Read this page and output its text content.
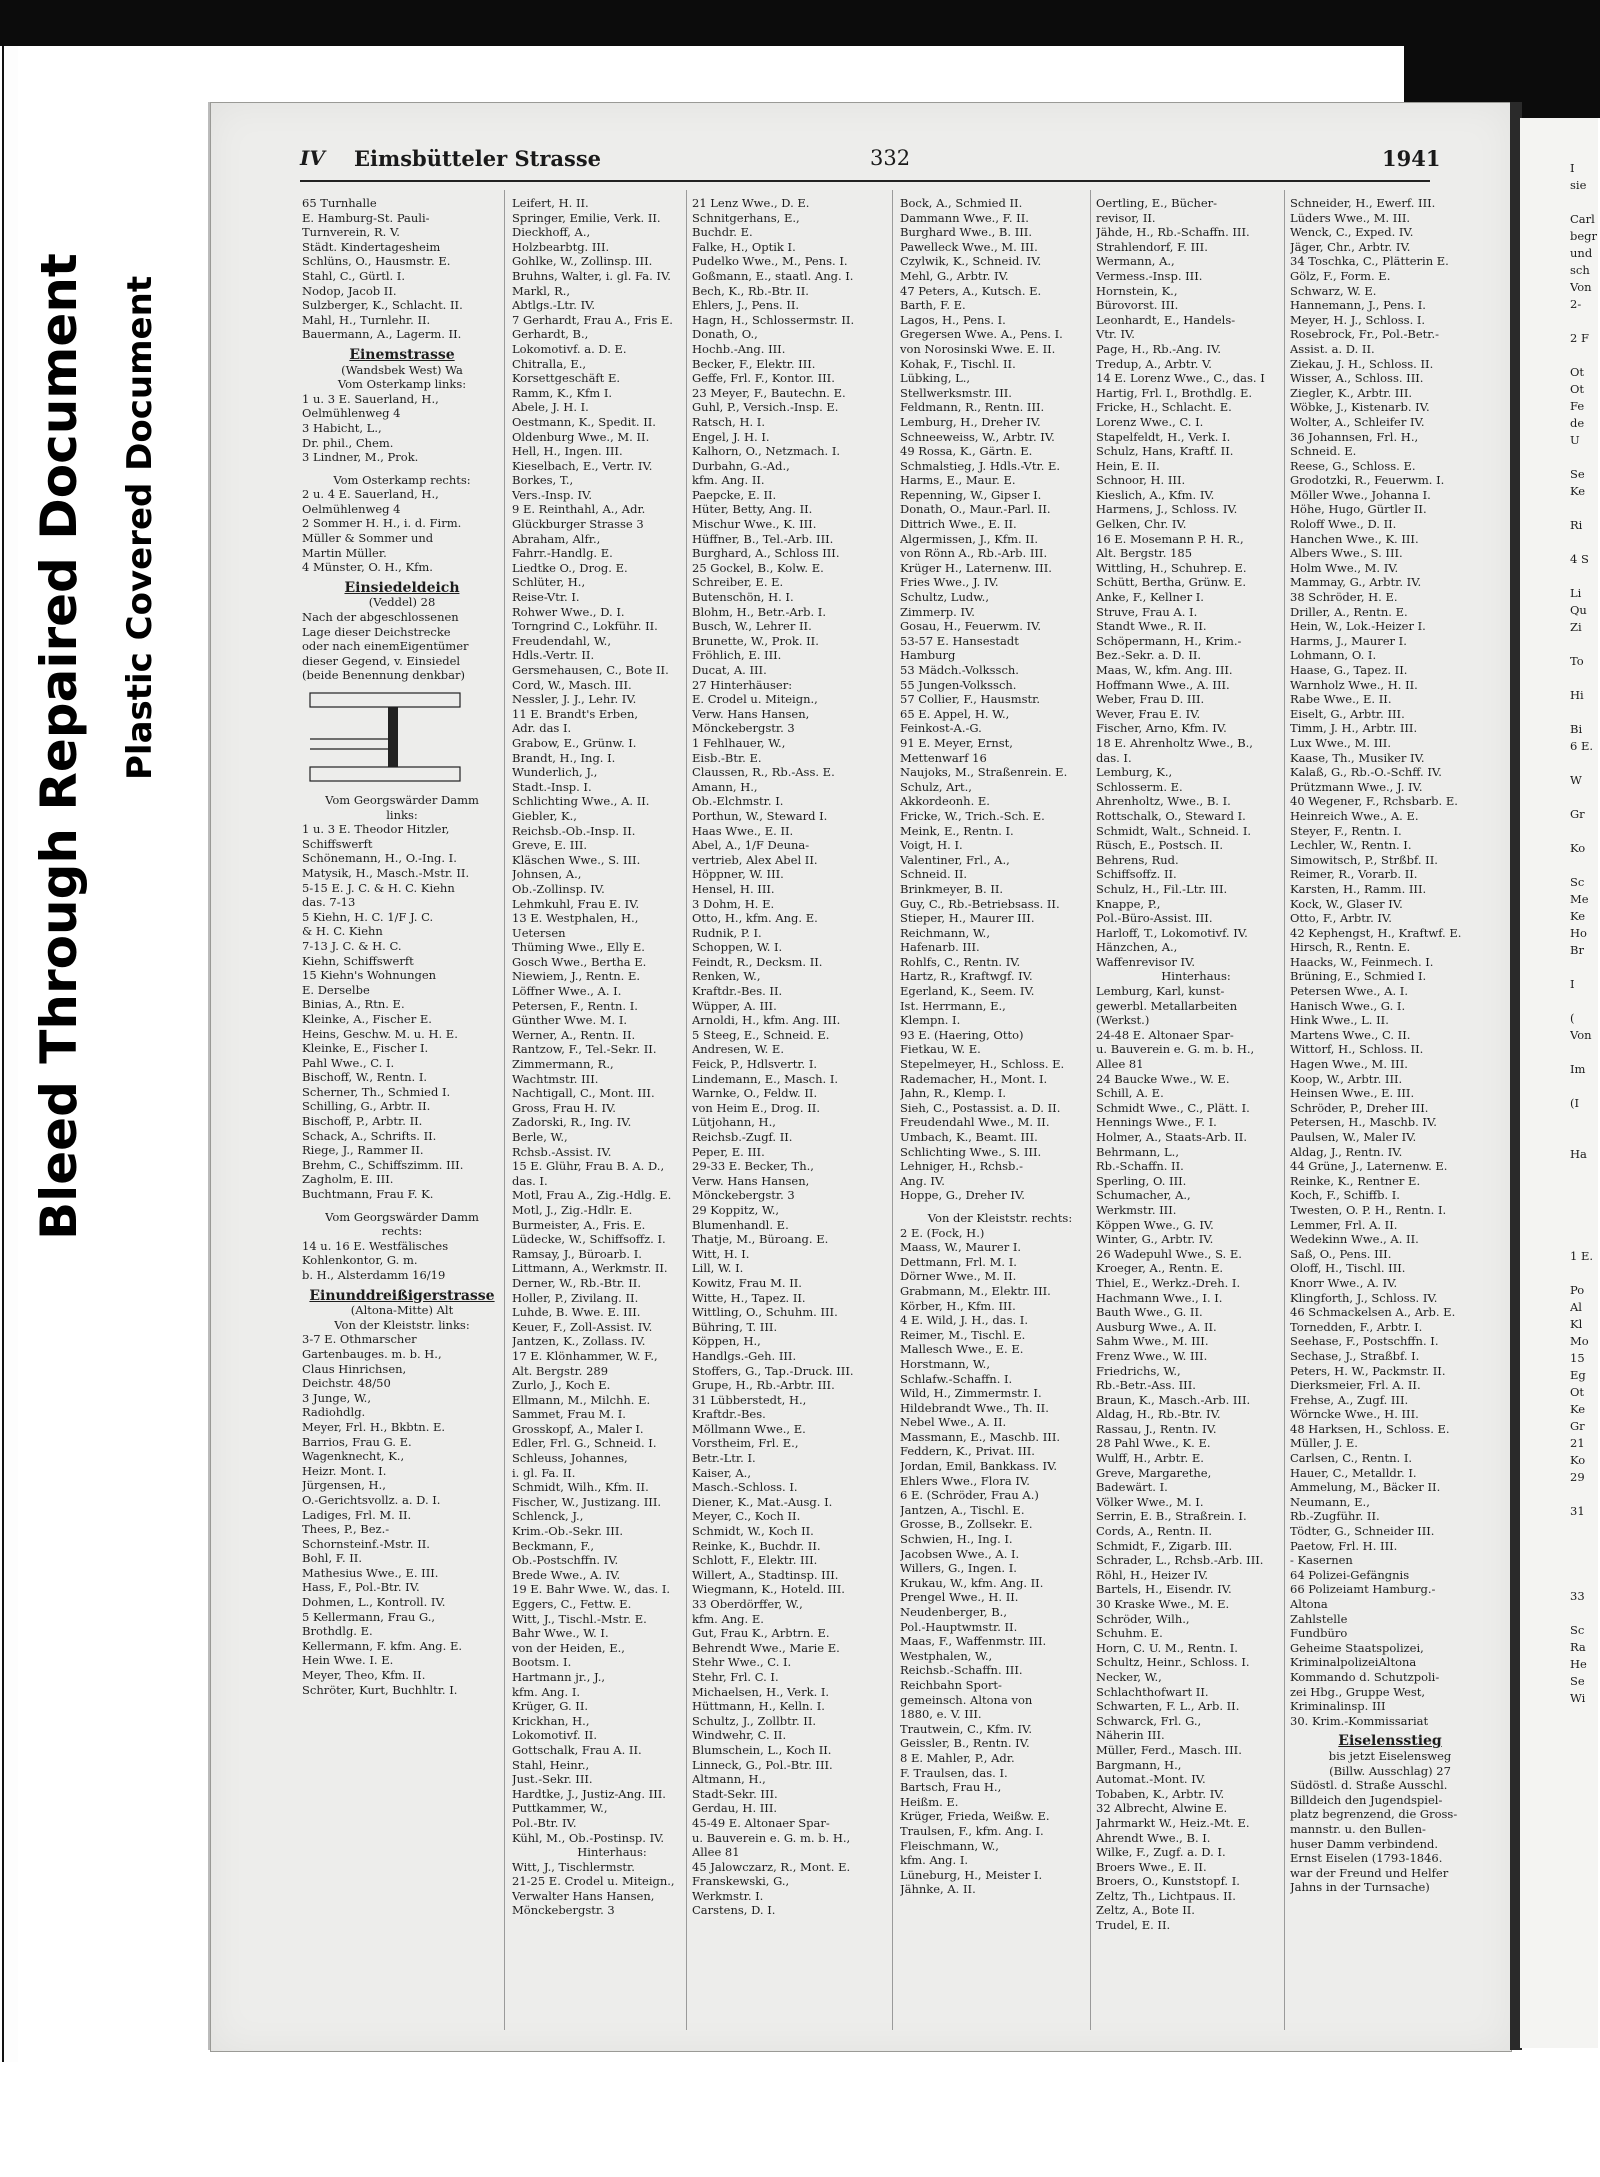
Bleed Through Repaired Document Plastic Covered Document
IV Eimsbütteler Strasse	332	1941
65 Turnhalle
E. Hamburg-St. Pauli-
Turnverein, R. V.
Städt. Kindertagesheim
Schlüns, O., Hausmstr. E.
Stahl, C., Gürtl. I.
Nodop, Jacob II.
Sulzberger, K., Schlacht. II.
Mahl, H., Turnlehr. II.
Bauermann, A., Lagerm. II.
Einemstrasse
(Wandsbek West) Wa
Vom Osterkamp links:
1 u. 3 E. Sauerland, H.,
Oelmühlenweg 4
3 Habicht, L.,
Dr. phil., Chem.
3 Lindner, M., Prok.
Vom Osterkamp rechts:
2 u. 4 E. Sauerland, H.,
Oelmühlenweg 4
2 Sommer H. H., i. d. Firm.
Müller & Sommer und
Martin Müller.
4 Münster, O. H., Kfm.
Einsiedeldeich
(Veddel) 28
Nach der abgeschlossenen
Lage dieser Deichstrecke
oder nach einemEigentümer
dieser Gegend, v. Einsiedel
(beide Benennung denkbar)
Vom Georgswärder Damm
links:
1 u. 3 E. Theodor Hitzler,
Schiffswerft
Schönemann, H., O.-Ing. I.
Matysik, H., Masch.-Mstr. II.
5-15 E. J. C. & H. C. Kiehn
das. 7-13
5 Kiehn, H. C. 1/F J. C.
& H. C. Kiehn
7-13 J. C. & H. C.
Kiehn, Schiffswerft
15 Kiehn's Wohnungen
E. Derselbe
Binias, A., Rtn. E.
Kleinke, A., Fischer E.
Heins, Geschw. M. u. H. E.
Kleinke, E., Fischer I.
Pahl Wwe., C. I.
Bischoff, W., Rentn. I.
Scherner, Th., Schmied I.
Schilling, G., Arbtr. II.
Bischoff, P., Arbtr. II.
Schack, A., Schrifts. II.
Riege, J., Rammer II.
Brehm, C., Schiffszimm. III.
Zagholm, E. III.
Buchtmann, Frau F. K.
Vom Georgswärder Damm
rechts:
14 u. 16 E. Westfälisches
Kohlenkontor, G. m.
b. H., Alsterdamm 16/19
Einunddreißigerstrasse
(Altona-Mitte) Alt
Von der Kleiststr. links:
3-7 E. Othmarscher
Gartenbauges. m. b. H.,
Claus Hinrichsen,
Deichstr. 48/50
3 Junge, W.,
Radiohdlg.
Meyer, Frl. H., Bkbtn. E.
Barrios, Frau G. E.
Wagenknecht, K.,
Heizr. Mont. I.
Jürgensen, H.,
O.-Gerichtsvollz. a. D. I.
Ladiges, Frl. M. II.
Thees, P., Bez.-
Schornsteinf.-Mstr. II.
Bohl, F. II.
Mathesius Wwe., E. III.
Hass, F., Pol.-Btr. IV.
Dohmen, L., Kontroll. IV.
5 Kellermann, Frau G.,
Brothdlg. E.
Kellermann, F. kfm. Ang. E.
Hein Wwe. I. E.
Meyer, Theo, Kfm. II.
Schröter, Kurt, Buchhltr. I.
Leifert, H. II.
Springer, Emilie, Verk. II.
Dieckhoff, A.,
Holzbearbtg. III.
Gohlke, W., Zollinsp. III.
Bruhns, Walter, i. gl. Fa. IV.
Markl, R.,
Abtlgs.-Ltr. IV.
7 Gerhardt, Frau A., Fris E.
Gerhardt, B.,
Lokomotivf. a. D. E.
Chitralla, E.,
Korsettgeschäft E.
Ramm, K., Kfm I.
Abele, J. H. I.
Oestmann, K., Spedit. II.
Oldenburg Wwe., M. II.
Hell, H., Ingen. III.
Kieselbach, E., Vertr. IV.
Borkes, T.,
Vers.-Insp. IV.
9 E. Reinthahl, A., Adr.
Glückburger Strasse 3
Abraham, Alfr.,
Fahrr.-Handlg. E.
Liedtke O., Drog. E.
Schlüter, H.,
Reise-Vtr. I.
Rohwer Wwe., D. I.
Torngrind C., Lokführ. II.
Freudendahl, W.,
Hdls.-Vertr. II.
Gersmehausen, C., Bote II.
Cord, W., Masch. III.
Nessler, J. J., Lehr. IV.
11 E. Brandt's Erben,
Adr. das I.
Grabow, E., Grünw. I.
Brandt, H., Ing. I.
Wunderlich, J.,
Stadt.-Insp. I.
Schlichting Wwe., A. II.
Giebler, K.,
Reichsb.-Ob.-Insp. II.
Greve, E. III.
Kläschen Wwe., S. III.
Johnsen, A.,
Ob.-Zollinsp. IV.
Lehmkuhl, Frau E. IV.
13 E. Westphalen, H.,
Uetersen
Thüming Wwe., Elly E.
Gosch Wwe., Bertha E.
Niewiem, J., Rentn. E.
Löffner Wwe., A. I.
Petersen, F., Rentn. I.
Günther Wwe. M. I.
Werner, A., Rentn. II.
Rantzow, F., Tel.-Sekr. II.
Zimmermann, R.,
Wachtmstr. III.
Nachtigall, C., Mont. III.
Gross, Frau H. IV.
Zadorski, R., Ing. IV.
Berle, W.,
Rchsb.-Assist. IV.
15 E. Glühr, Frau B. A. D.,
das. I.
Motl, Frau A., Zig.-Hdlg. E.
Motl, J., Zig.-Hdlr. E.
Burmeister, A., Fris. E.
Lüdecke, W., Schiffsoffz. I.
Ramsay, J., Büroarb. I.
Littmann, A., Werkmstr. II.
Derner, W., Rb.-Btr. II.
Holler, P., Zivilang. II.
Luhde, B. Wwe. E. III.
Keuer, F., Zoll-Assist. IV.
Jantzen, K., Zollass. IV.
17 E. Klönhammer, W. F.,
Alt. Bergstr. 289
Zurlo, J., Koch E.
Ellmann, M., Milchh. E.
Sammet, Frau M. I.
Grosskopf, A., Maler I.
Edler, Frl. G., Schneid. I.
Schleuss, Johannes,
i. gl. Fa. II.
Schmidt, Wilh., Kfm. II.
Fischer, W., Justizang. III.
Schlenck, J.,
Krim.-Ob.-Sekr. III.
Beckmann, F.,
Ob.-Postschffn. IV.
Brede Wwe., A. IV.
19 E. Bahr Wwe. W., das. I.
Eggers, C., Fettw. E.
Witt, J., Tischl.-Mstr. E.
Bahr Wwe., W. I.
von der Heiden, E.,
Bootsm. I.
Hartmann jr., J.,
kfm. Ang. I.
Krüger, G. II.
Krickhan, H.,
Lokomotivf. II.
Gottschalk, Frau A. II.
Stahl, Heinr.,
Just.-Sekr. III.
Hardtke, J., Justiz-Ang. III.
Puttkammer, W.,
Pol.-Btr. IV.
Kühl, M., Ob.-Postinsp. IV.
Hinterhaus:
Witt, J., Tischlermstr.
21-25 E. Crodel u. Miteign.,
Verwalter Hans Hansen,
Mönckebergstr. 3
21 Lenz Wwe., D. E.
Schnitgerhans, E.,
Buchdr. E.
Falke, H., Optik I.
Pudelko Wwe., M., Pens. I.
Goßmann, E., staatl. Ang. I.
Bech, K., Rb.-Btr. II.
Ehlers, J., Pens. II.
Hagn, H., Schlossermstr. II.
Donath, O.,
Hochb.-Ang. III.
Becker, F., Elektr. III.
Geffe, Frl. F., Kontor. III.
23 Meyer, F., Bautechn. E.
Guhl, P., Versich.-Insp. E.
Ratsch, H. I.
Engel, J. H. I.
Kalhorn, O., Netzmach. I.
Durbahn, G.-Ad.,
kfm. Ang. II.
Paepcke, E. II.
Hüter, Betty, Ang. II.
Mischur Wwe., K. III.
Hüffner, B., Tel.-Arb. III.
Burghard, A., Schloss III.
25 Gockel, B., Kolw. E.
Schreiber, E. E.
Butenschön, H. I.
Blohm, H., Betr.-Arb. I.
Busch, W., Lehrer II.
Brunette, W., Prok. II.
Fröhlich, E. III.
Ducat, A. III.
27 Hinterhäuser:
E. Crodel u. Miteign.,
Verw. Hans Hansen,
Mönckebergstr. 3
1 Fehlhauer, W.,
Eisb.-Btr. E.
Claussen, R., Rb.-Ass. E.
Amann, H.,
Ob.-Elchmstr. I.
Porthun, W., Steward I.
Haas Wwe., E. II.
Abel, A., 1/F Deuna-
vertrieb, Alex Abel II.
Höppner, W. III.
Hensel, H. III.
3 Dohm, H. E.
Otto, H., kfm. Ang. E.
Rudnik, P. I.
Schoppen, W. I.
Feindt, R., Decksm. II.
Renken, W.,
Kraftdr.-Bes. II.
Wüpper, A. III.
Arnoldi, H., kfm. Ang. III.
5 Steeg, E., Schneid. E.
Andresen, W. E.
Feick, P., Hdlsvertr. I.
Lindemann, E., Masch. I.
Warnke, O., Feldw. II.
von Heim E., Drog. II.
Lütjohann, H.,
Reichsb.-Zugf. II.
Peper, E. III.
29-33 E. Becker, Th.,
Verw. Hans Hansen,
Mönckebergstr. 3
29 Koppitz, W.,
Blumenhandl. E.
Thatje, M., Büroang. E.
Witt, H. I.
Lill, W. I.
Kowitz, Frau M. II.
Witte, H., Tapez. II.
Wittling, O., Schuhm. III.
Bühring, T. III.
Köppen, H.,
Handlgs.-Geh. III.
Stoffers, G., Tap.-Druck. III.
Grupe, H., Rb.-Arbtr. III.
31 Lübberstedt, H.,
Kraftdr.-Bes.
Möllmann Wwe., E.
Vorstheim, Frl. E.,
Betr.-Ltr. I.
Kaiser, A.,
Masch.-Schloss. I.
Diener, K., Mat.-Ausg. I.
Meyer, C., Koch II.
Schmidt, W., Koch II.
Reinke, K., Buchdr. II.
Schlott, F., Elektr. III.
Willert, A., Stadtinsp. III.
Wiegmann, K., Hoteld. III.
33 Oberdörffer, W.,
kfm. Ang. E.
Gut, Frau K., Arbtrn. E.
Behrendt Wwe., Marie E.
Stehr Wwe., C. I.
Stehr, Frl. C. I.
Michaelsen, H., Verk. I.
Hüttmann, H., Kelln. I.
Schultz, J., Zollbtr. II.
Windwehr, C. II.
Blumschein, L., Koch II.
Linneck, G., Pol.-Btr. III.
Altmann, H.,
Stadt-Sekr. III.
Gerdau, H. III.
45-49 E. Altonaer Spar-
u. Bauverein e. G. m. b. H.,
Allee 81
45 Jalowczarz, R., Mont. E.
Franskewski, G.,
Werkmstr. I.
Carstens, D. I.
Bock, A., Schmied II.
Dammann Wwe., F. II.
Burghard Wwe., B. III.
Pawelleck Wwe., M. III.
Czylwik, K., Schneid. IV.
Mehl, G., Arbtr. IV.
47 Peters, A., Kutsch. E.
Barth, F. E.
Lagos, H., Pens. I.
Gregersen Wwe. A., Pens. I.
von Norosinski Wwe. E. II.
Kohak, F., Tischl. II.
Lübking, L.,
Stellwerksmstr. III.
Feldmann, R., Rentn. III.
Lemburg, H., Dreher IV.
Schneeweiss, W., Arbtr. IV.
49 Rossa, K., Gärtn. E.
Schmalstieg, J. Hdls.-Vtr. E.
Harms, E., Maur. E.
Repenning, W., Gipser I.
Donath, O., Maur.-Parl. II.
Dittrich Wwe., E. II.
Algermissen, J., Kfm. II.
von Rönn A., Rb.-Arb. III.
Krüger H., Laternenw. III.
Fries Wwe., J. IV.
Schultz, Ludw.,
Zimmerp. IV.
Gosau, H., Feuerwm. IV.
53-57 E. Hansestadt
Hamburg
53 Mädch.-Volkssch.
55 Jungen-Volkssch.
57 Collier, F., Hausmstr.
65 E. Appel, H. W.,
Feinkost-A.-G.
91 E. Meyer, Ernst,
Mettenwarf 16
Naujoks, M., Straßenrein. E.
Schulz, Art.,
Akkordeonh. E.
Fricke, W., Trich.-Sch. E.
Meink, E., Rentn. I.
Voigt, H. I.
Valentiner, Frl., A.,
Schneid. II.
Brinkmeyer, B. II.
Guy, C., Rb.-Betriebsass. II.
Stieper, H., Maurer III.
Reichmann, W.,
Hafenarb. III.
Rohlfs, C., Rentn. IV.
Hartz, R., Kraftwgf. IV.
Egerland, K., Seem. IV.
Ist. Herrmann, E.,
Klempn. I.
93 E. (Haering, Otto)
Fietkau, W. E.
Stepelmeyer, H., Schloss. E.
Rademacher, H., Mont. I.
Jahn, R., Klemp. I.
Sieh, C., Postassist. a. D. II.
Freudendahl Wwe., M. II.
Umbach, K., Beamt. III.
Schlichting Wwe., S. III.
Lehniger, H., Rchsb.-
Ang. IV.
Hoppe, G., Dreher IV.
Von der Kleiststr. rechts:
2 E. (Fock, H.)
Maass, W., Maurer I.
Dettmann, Frl. M. I.
Dörner Wwe., M. II.
Grabmann, M., Elektr. III.
Körber, H., Kfm. III.
4 E. Wild, J. H., das. I.
Reimer, M., Tischl. E.
Mallesch Wwe., E. E.
Horstmann, W.,
Schlafw.-Schaffn. I.
Wild, H., Zimmermstr. I.
Hildebrandt Wwe., Th. II.
Nebel Wwe., A. II.
Massmann, E., Maschb. III.
Feddern, K., Privat. III.
Jordan, Emil, Bankkass. IV.
Ehlers Wwe., Flora IV.
6 E. (Schröder, Frau A.)
Jantzen, A., Tischl. E.
Grosse, B., Zollsekr. E.
Schwien, H., Ing. I.
Jacobsen Wwe., A. I.
Willers, G., Ingen. I.
Krukau, W., kfm. Ang. II.
Prengel Wwe., H. II.
Neudenberger, B.,
Pol.-Hauptwmstr. II.
Maas, F., Waffenmstr. III.
Westphalen, W.,
Reichsb.-Schaffn. III.
Reichbahn Sport-
gemeinsch. Altona von
1880, e. V. III.
Trautwein, C., Kfm. IV.
Geissler, B., Rentn. IV.
8 E. Mahler, P., Adr.
F. Traulsen, das. I.
Bartsch, Frau H.,
Heißm. E.
Krüger, Frieda, Weißw. E.
Traulsen, F., kfm. Ang. I.
Fleischmann, W.,
kfm. Ang. I.
Lüneburg, H., Meister I.
Jähnke, A. II.
Oertling, E., Bücher-
revisor, II.
Jähde, H., Rb.-Schaffn. III.
Strahlendorf, F. III.
Wermann, A.,
Vermess.-Insp. III.
Hornstein, K.,
Bürovorst. III.
Leonhardt, E., Handels-
Vtr. IV.
Page, H., Rb.-Ang. IV.
Tredup, A., Arbtr. V.
14 E. Lorenz Wwe., C., das. I
Hartig, Frl. I., Brothdlg. E.
Fricke, H., Schlacht. E.
Lorenz Wwe., C. I.
Stapelfeldt, H., Verk. I.
Schulz, Hans, Kraftf. II.
Hein, E. II.
Schnoor, H. III.
Kieslich, A., Kfm. IV.
Harmens, J., Schloss. IV.
Gelken, Chr. IV.
16 E. Mosemann P. H. R.,
Alt. Bergstr. 185
Wittling, H., Schuhrep. E.
Schütt, Bertha, Grünw. E.
Anke, F., Kellner I.
Struve, Frau A. I.
Standt Wwe., R. II.
Schöpermann, H., Krim.-
Bez.-Sekr. a. D. II.
Maas, W., kfm. Ang. III.
Hoffmann Wwe., A. III.
Weber, Frau D. III.
Wever, Frau E. IV.
Fischer, Arno, Kfm. IV.
18 E. Ahrenholtz Wwe., B.,
das. I.
Lemburg, K.,
Schlosserm. E.
Ahrenholtz, Wwe., B. I.
Rottschalk, O., Steward I.
Schmidt, Walt., Schneid. I.
Rüsch, E., Postsch. II.
Behrens, Rud.
Schiffsoffz. II.
Schulz, H., Fil.-Ltr. III.
Knappe, P.,
Pol.-Büro-Assist. III.
Harloff, T., Lokomotivf. IV.
Hänzchen, A.,
Waffenrevisor IV.
Hinterhaus:
Lemburg, Karl, kunst-
gewerbl. Metallarbeiten
(Werkst.)
24-48 E. Altonaer Spar-
u. Bauverein e. G. m. b. H.,
Allee 81
24 Baucke Wwe., W. E.
Schill, A. E.
Schmidt Wwe., C., Plätt. I.
Hennings Wwe., F. I.
Holmer, A., Staats-Arb. II.
Behrmann, L.,
Rb.-Schaffn. II.
Sperling, O. III.
Schumacher, A.,
Werkmstr. III.
Köppen Wwe., G. IV.
Winter, G., Arbtr. IV.
26 Wadepuhl Wwe., S. E.
Kroeger, A., Rentn. E.
Thiel, E., Werkz.-Dreh. I.
Hachmann Wwe., I. I.
Bauth Wwe., G. II.
Ausburg Wwe., A. II.
Sahm Wwe., M. III.
Frenz Wwe., W. III.
Friedrichs, W.,
Rb.-Betr.-Ass. III.
Braun, K., Masch.-Arb. III.
Aldag, H., Rb.-Btr. IV.
Rassau, J., Rentn. IV.
28 Pahl Wwe., K. E.
Wulff, H., Arbtr. E.
Greve, Margarethe,
Badewärt. I.
Völker Wwe., M. I.
Serrin, E. B., Straßrein. I.
Cords, A., Rentn. II.
Schmidt, F., Zigarb. III.
Schrader, L., Rchsb.-Arb. III.
Röhl, H., Heizer IV.
Bartels, H., Eisendr. IV.
30 Kraske Wwe., M. E.
Schröder, Wilh.,
Schuhm. E.
Horn, C. U. M., Rentn. I.
Schultz, Heinr., Schloss. I.
Necker, W.,
Schlachthofwart II.
Schwarten, F. L., Arb. II.
Schwarck, Frl. G.,
Näherin III.
Müller, Ferd., Masch. III.
Bargmann, H.,
Automat.-Mont. IV.
Tobaben, K., Arbtr. IV.
32 Albrecht, Alwine E.
Jahrmarkt W., Heiz.-Mt. E.
Ahrendt Wwe., B. I.
Wilke, F., Zugf. a. D. I.
Broers Wwe., E. II.
Broers, O., Kunststopf. I.
Zeltz, Th., Lichtpaus. II.
Zeltz, A., Bote II.
Trudel, E. II.
Schneider, H., Ewerf. III.
Lüders Wwe., M. III.
Wenck, C., Exped. IV.
Jäger, Chr., Arbtr. IV.
34 Toschka, C., Plätterin E.
Gölz, F., Form. E.
Schwarz, W. E.
Hannemann, J., Pens. I.
Meyer, H. J., Schloss. I.
Rosebrock, Fr., Pol.-Betr.-
Assist. a. D. II.
Ziekau, J. H., Schloss. II.
Wisser, A., Schloss. III.
Ziegler, K., Arbtr. III.
Wöbke, J., Kistenarb. IV.
Wolter, A., Schleifer IV.
36 Johannsen, Frl. H.,
Schneid. E.
Reese, G., Schloss. E.
Grodotzki, R., Feuerwm. I.
Möller Wwe., Johanna I.
Höhe, Hugo, Gürtler II.
Roloff Wwe., D. II.
Hanchen Wwe., K. III.
Albers Wwe., S. III.
Holm Wwe., M. IV.
Mammay, G., Arbtr. IV.
38 Schröder, H. E.
Driller, A., Rentn. E.
Hein, W., Lok.-Heizer I.
Harms, J., Maurer I.
Lohmann, O. I.
Haase, G., Tapez. II.
Warnholz Wwe., H. II.
Rabe Wwe., E. II.
Eiselt, G., Arbtr. III.
Timm, J. H., Arbtr. III.
Lux Wwe., M. III.
Kaase, Th., Musiker IV.
Kalaß, G., Rb.-O.-Schff. IV.
Prützmann Wwe., J. IV.
40 Wegener, F., Rchsbarb. E.
Heinreich Wwe., A. E.
Steyer, F., Rentn. I.
Lechler, W., Rentn. I.
Simowitsch, P., Strßbf. II.
Reimer, R., Vorarb. II.
Karsten, H., Ramm. III.
Kock, W., Glaser IV.
Otto, F., Arbtr. IV.
42 Kephengst, H., Kraftwf. E.
Hirsch, R., Rentn. E.
Haacks, W., Feinmech. I.
Brüning, E., Schmied I.
Petersen Wwe., A. I.
Hanisch Wwe., G. I.
Hink Wwe., L. II.
Martens Wwe., C. II.
Wittorf, H., Schloss. II.
Hagen Wwe., M. III.
Koop, W., Arbtr. III.
Heinsen Wwe., E. III.
Schröder, P., Dreher III.
Petersen, H., Maschb. IV.
Paulsen, W., Maler IV.
Aldag, J., Rentn. IV.
44 Grüne, J., Laternenw. E.
Reinke, K., Rentner E.
Koch, F., Schiffb. I.
Twesten, O. P. H., Rentn. I.
Lemmer, Frl. A. II.
Wedekinn Wwe., A. II.
Saß, O., Pens. III.
Oloff, H., Tischl. III.
Knorr Wwe., A. IV.
Klingforth, J., Schloss. IV.
46 Schmackelsen A., Arb. E.
Tornedden, F., Arbtr. I.
Seehase, F., Postschffn. I.
Sechase, J., Straßbf. I.
Peters, H. W., Packmstr. II.
Dierksmeier, Frl. A. II.
Frehse, A., Zugf. III.
Wörncke Wwe., H. III.
48 Harksen, H., Schloss. E.
Müller, J. E.
Carlsen, C., Rentn. I.
Hauer, C., Metalldr. I.
Ammelung, M., Bäcker II.
Neumann, E.,
Rb.-Zugführ. II.
Tödter, G., Schneider III.
Paetow, Frl. H. III.
- Kasernen
64 Polizei-Gefängnis
66 Polizeiamt Hamburg.-
Altona
Zahlstelle
Fundbüro
Geheime Staatspolizei,
KriminalpolizeiAltona
Kommando d. Schutzpoli-
zei Hbg., Gruppe West,
Kriminalinsp. III
30. Krim.-Kommissariat
Eiselensstieg
bis jetzt Eiselensweg
(Billw. Ausschlag) 27
Südöstl. d. Straße Ausschl.
Billdeich den Jugendspiel-
platz begrenzend, die Gross-
mannstr. u. den Bullen-
huser Damm verbindend.
Ernst Eiselen (1793-1846.
war der Freund und Helfer
Jahns in der Turnsache)
I
sie

Carl
begr
und
sch
Von
2-

2 F

Ot
Ot
Fe
de
U

Se
Ke

Ri

4 S

Li
Qu
Zi

To

Hi

Bi
6 E.

W

Gr

Ko

Sc
Me
Ke
Ho
Br

I

(
Von

Im

(I

Ha

1 E.

Po
Al
Kl
Mo
15
Eg
Ot
Ke
Gr
21
Ko
29

31

33

Sc
Ra
He
Se
Wi
